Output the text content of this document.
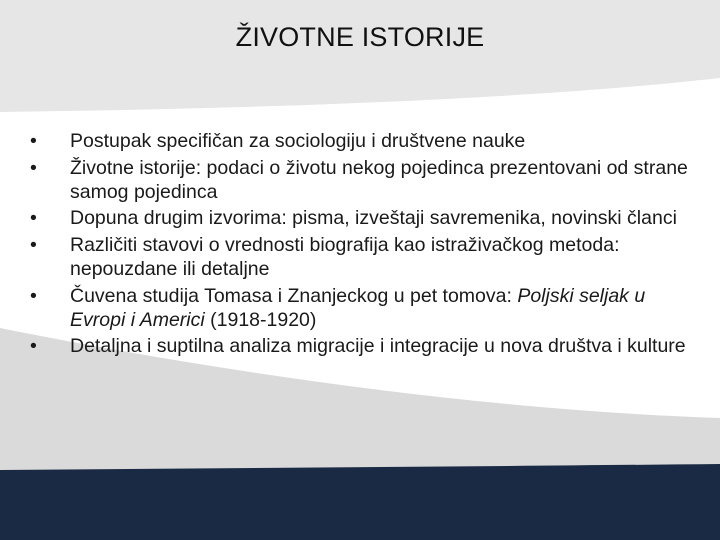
ŽIVOTNE ISTORIJE
• Postupak specifičan za sociologiju i društvene nauke
• Životne istorije: podaci o životu nekog pojedinca prezentovani od strane samog pojedinca
• Dopuna drugim izvorima: pisma, izveštaji savremenika, novinski članci
• Različiti stavovi o vrednosti biografija kao istraživačkog metoda: nepouzdane ili detaljne
• Čuvena studija Tomasa i Znanjeckog u pet tomova: Poljski seljak u Evropi i Americi (1918-1920)
• Detaljna i suptilna analiza migracije i integracije u nova društva i kulture
